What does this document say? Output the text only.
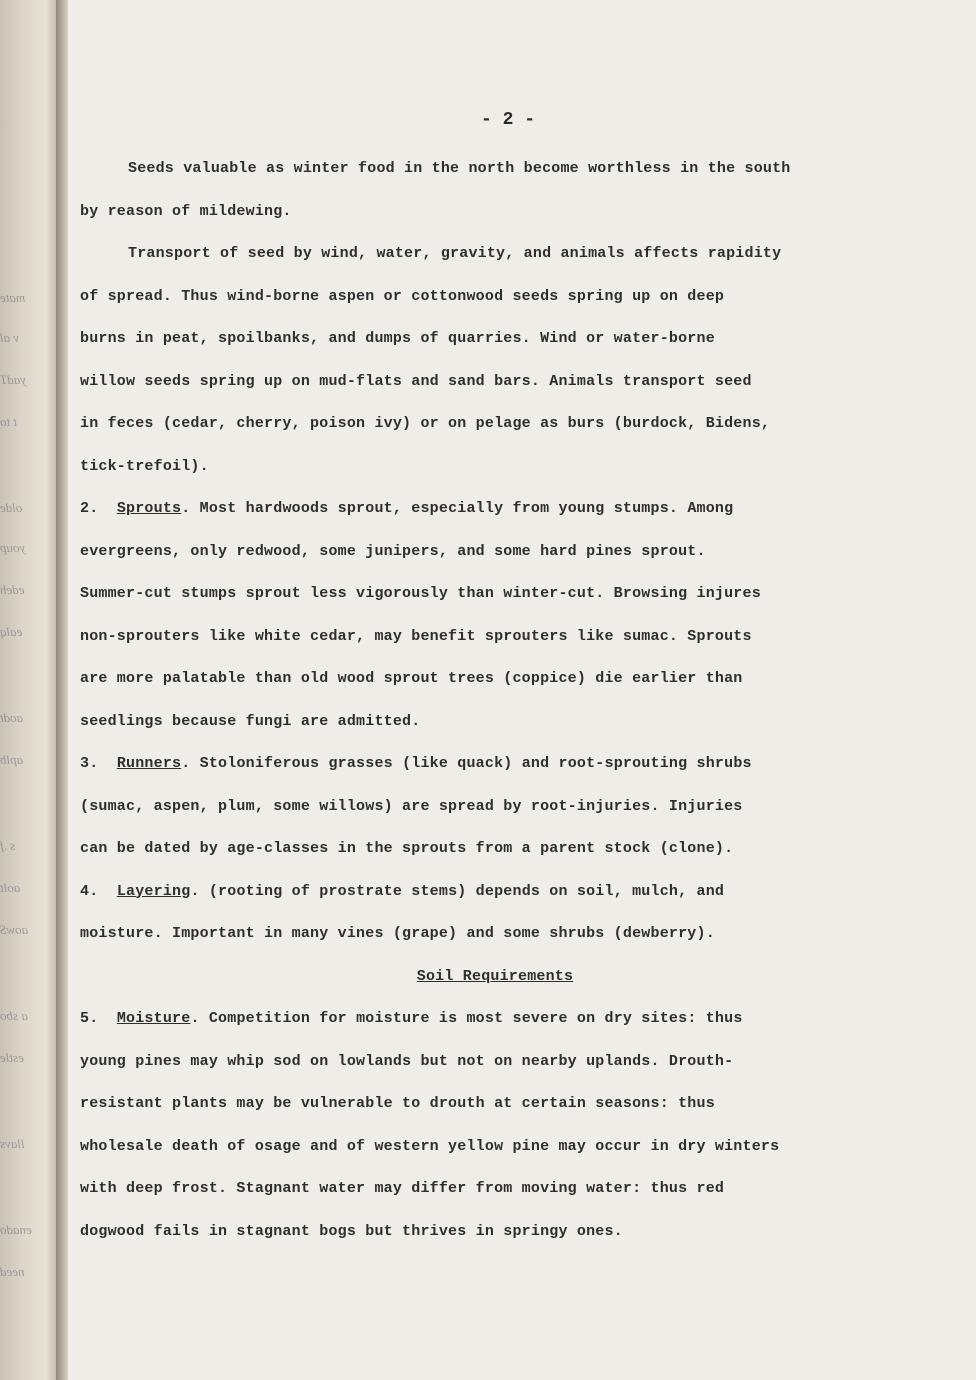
mate
v al
yadT
t to
olde
youp
edeh
ealq
aodt
aplb
s .f
aolt
aowS
a sbo
estle
llavs
enado
need
- 2 -
Seeds valuable as winter food in the north become worthless in the south
by reason of mildewing.
Transport of seed by wind, water, gravity, and animals affects rapidity
of spread. Thus wind-borne aspen or cottonwood seeds spring up on deep
burns in peat, spoilbanks, and dumps of quarries. Wind or water-borne
willow seeds spring up on mud-flats and sand bars. Animals transport seed
in feces (cedar, cherry, poison ivy) or on pelage as burs (burdock, Bidens,
tick-trefoil).
2. Sprouts. Most hardwoods sprout, especially from young stumps. Among
evergreens, only redwood, some junipers, and some hard pines sprout.
Summer-cut stumps sprout less vigorously than winter-cut. Browsing injures
non-sprouters like white cedar, may benefit sprouters like sumac. Sprouts
are more palatable than old wood sprout trees (coppice) die earlier than
seedlings because fungi are admitted.
3. Runners. Stoloniferous grasses (like quack) and root-sprouting shrubs
(sumac, aspen, plum, some willows) are spread by root-injuries. Injuries
can be dated by age-classes in the sprouts from a parent stock (clone).
4. Layering. (rooting of prostrate stems) depends on soil, mulch, and
moisture. Important in many vines (grape) and some shrubs (dewberry).
Soil Requirements
5. Moisture. Competition for moisture is most severe on dry sites: thus
young pines may whip sod on lowlands but not on nearby uplands. Drouth-
resistant plants may be vulnerable to drouth at certain seasons: thus
wholesale death of osage and of western yellow pine may occur in dry winters
with deep frost. Stagnant water may differ from moving water: thus red
dogwood fails in stagnant bogs but thrives in springy ones.
